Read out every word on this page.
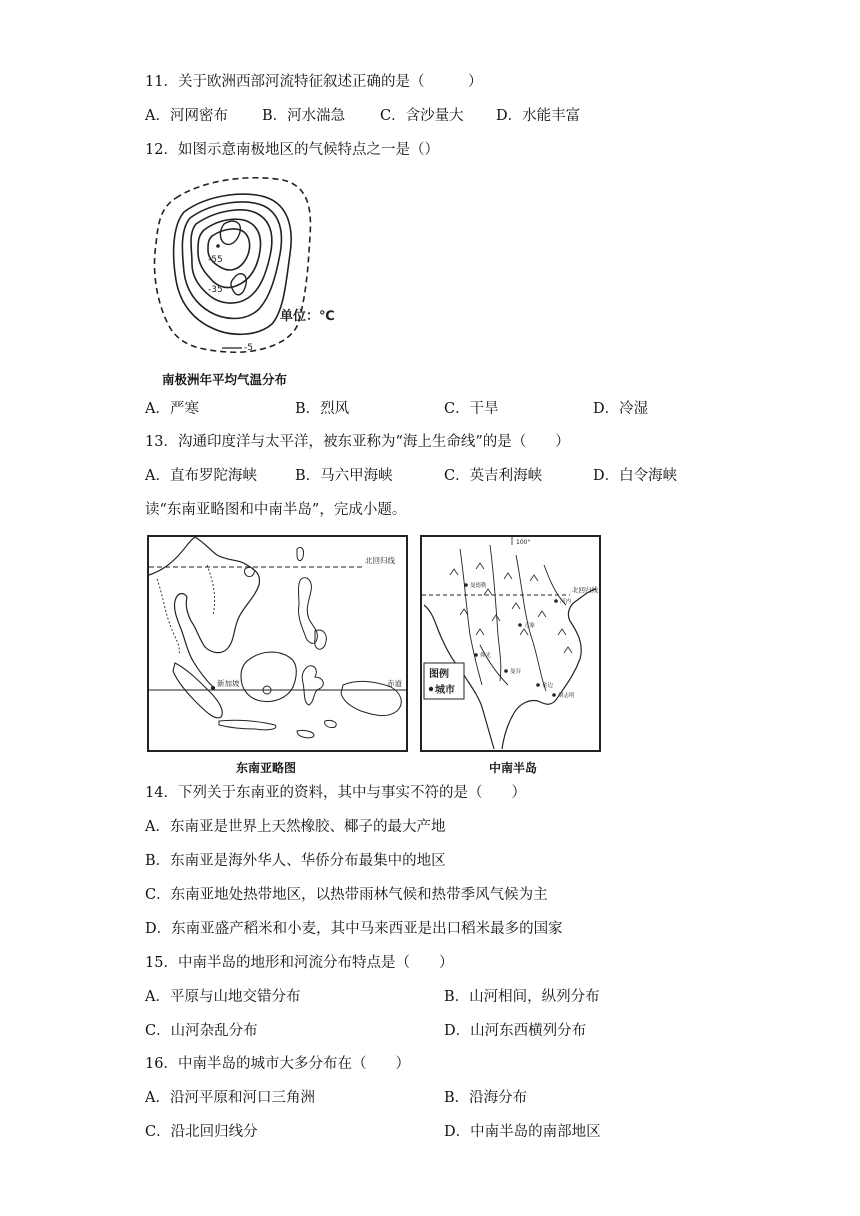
11．关于欧洲西部河流特征叙述正确的是（　　　）
A．河网密布 B．河水湍急 C．含沙量大 D．水能丰富
12．如图示意南极地区的气候特点之一是（）
-55
-35
-5
单位：℃
南极洲年平均气温分布
A．严寒	B．烈风	C．干旱	D．冷湿
13．沟通印度洋与太平洋，被东亚称为“海上生命线”的是（　　）
A．直布罗陀海峡	B．马六甲海峡	C．英吉利海峡	D．白令海峡
读“东南亚略图和中南半岛”，完成小题。
北回归线
赤道
新加坡
东南亚略图
100°
北回归线
曼德勒
仰光
万象
河内
曼谷
金边
胡志明
图例
城市
中南半岛
14．下列关于东南亚的资料，其中与事实不符的是（　　）
A．东南亚是世界上天然橡胶、椰子的最大产地
B．东南亚是海外华人、华侨分布最集中的地区
C．东南亚地处热带地区，以热带雨林气候和热带季风气候为主
D．东南亚盛产稻米和小麦，其中马来西亚是出口稻米最多的国家
15．中南半岛的地形和河流分布特点是（　　）
A．平原与山地交错分布	B．山河相间，纵列分布
C．山河杂乱分布	D．山河东西横列分布
16．中南半岛的城市大多分布在（　　）
A．沿河平原和河口三角洲	B．沿海分布
C．沿北回归线分	D．中南半岛的南部地区
